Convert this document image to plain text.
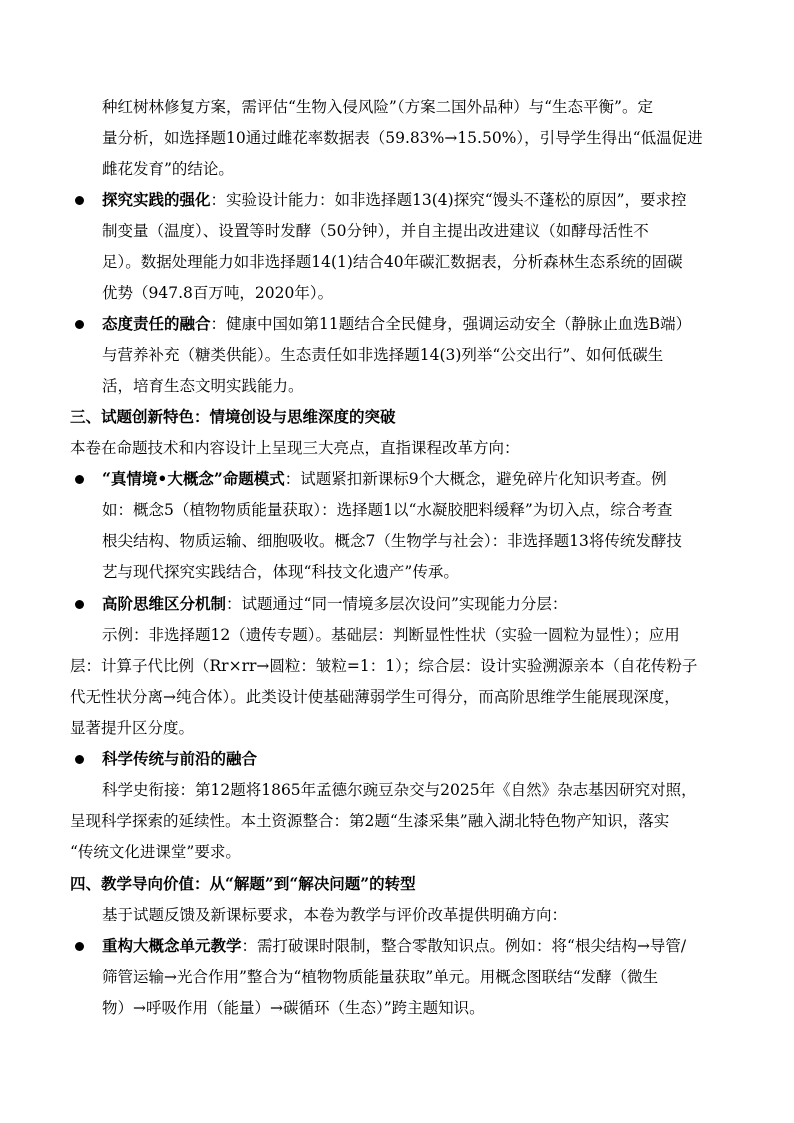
种红树林修复方案，需评估“生物入侵风险”（方案二国外品种）与“生态平衡”。定
量分析，如选择题10通过雌花率数据表（59.83%→15.50%），引导学生得出“低温促进
雌花发育”的结论。
探究实践的强化：实验设计能力：如非选择题13(4)探究“馒头不蓬松的原因”，要求控
制变量（温度）、设置等时发酵（50分钟），并自主提出改进建议（如酵母活性不
足）。数据处理能力如非选择题14(1)结合40年碳汇数据表，分析森林生态系统的固碳
优势（947.8百万吨，2020年）。
态度责任的融合：健康中国如第11题结合全民健身，强调运动安全（静脉止血选B端）
与营养补充（糖类供能）。生态责任如非选择题14(3)列举“公交出行”、如何低碳生
活，培育生态文明实践能力。
三、试题创新特色：情境创设与思维深度的突破
本卷在命题技术和内容设计上呈现三大亮点，直指课程改革方向：
“真情境•大概念”命题模式：试题紧扣新课标9个大概念，避免碎片化知识考查。例
如：概念5（植物物质能量获取）：选择题1以“水凝胶肥料缓释”为切入点，综合考查
根尖结构、物质运输、细胞吸收。概念7（生物学与社会）：非选择题13将传统发酵技
艺与现代探究实践结合，体现“科技文化遗产”传承。
高阶思维区分机制：试题通过“同一情境多层次设问”实现能力分层：
示例：非选择题12（遗传专题）。基础层：判断显性性状（实验一圆粒为显性）；应用
层：计算子代比例（Rr×rr→圆粒：皱粒=1：1）；综合层：设计实验溯源亲本（自花传粉子
代无性状分离→纯合体）。此类设计使基础薄弱学生可得分，而高阶思维学生能展现深度，
显著提升区分度。
科学传统与前沿的融合
科学史衔接：第12题将1865年孟德尔豌豆杂交与2025年《自然》杂志基因研究对照，
呈现科学探索的延续性。本土资源整合：第2题“生漆采集”融入湖北特色物产知识，落实
“传统文化进课堂”要求。
四、教学导向价值：从“解题”到“解决问题”的转型
基于试题反馈及新课标要求，本卷为教学与评价改革提供明确方向：
重构大概念单元教学：需打破课时限制，整合零散知识点。例如：将“根尖结构→导管/
筛管运输→光合作用”整合为“植物物质能量获取”单元。用概念图联结“发酵（微生
物）→呼吸作用（能量）→碳循环（生态）”跨主题知识。
